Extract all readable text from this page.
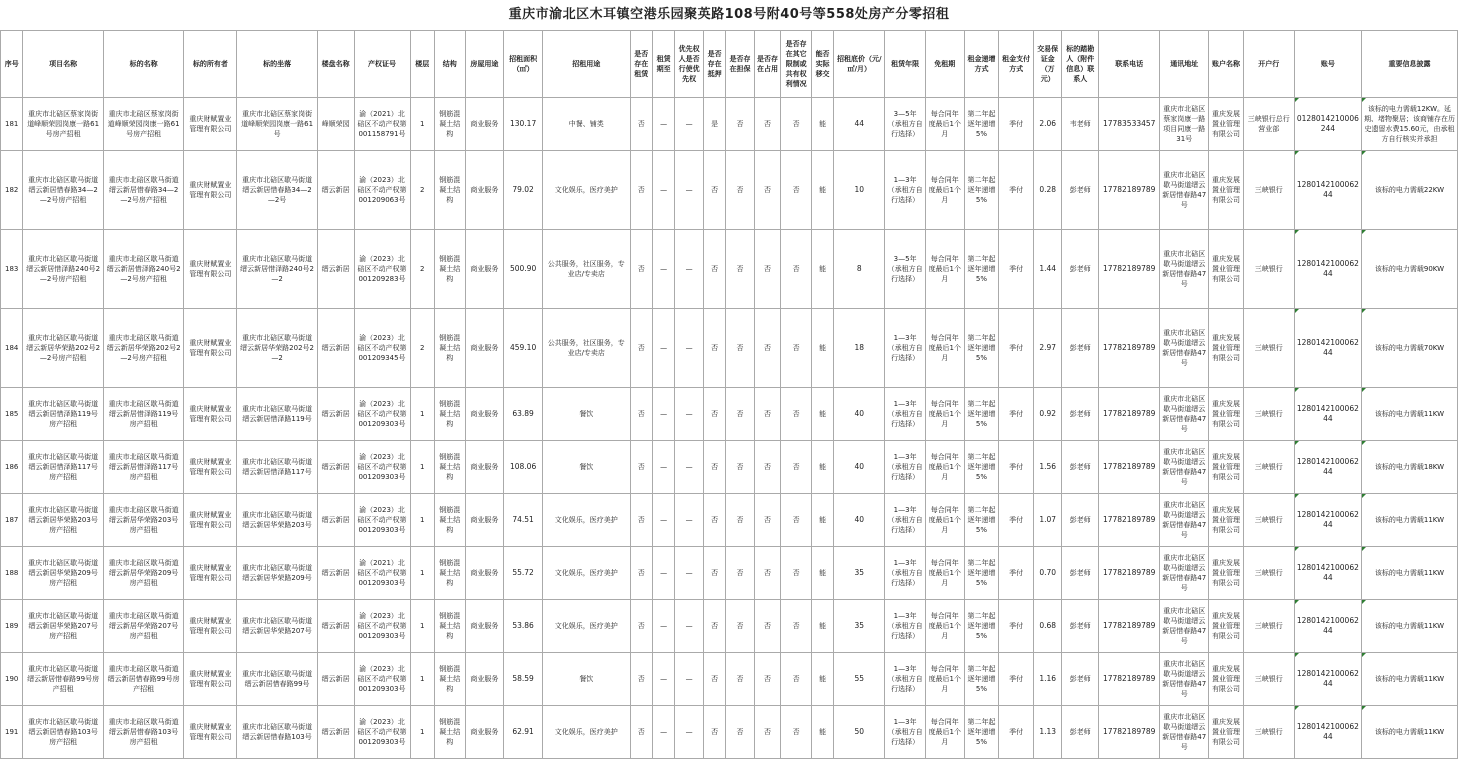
重庆市渝北区木耳镇空港乐园聚英路108号附40号等558处房产分零招租
序号	项目名称	标的名称	标的所有者	标的坐落	楼盘名称	产权证号	楼层	结构	房屋用途	招租面积（㎡）	招租用途	是否存在租赁	租赁期至	优先权人是否行使优先权	是否存在抵押	是否存在担保	是否存在占用	是否存在其它限制或共有权利情况	能否实际移交	招租底价（元/㎡/月）	租赁年限	免租期	租金递增方式	租金支付方式	交易保证金（万元）	标的踏勘人（附件信息）联系人	联系电话	通讯地址	账户名称	开户行	账号	重要信息披露
181	重庆市北碚区蔡家岗街道峰顺荣园岗康一路61号房产招租	重庆市北碚区蔡家岗街道峰顺荣园岗康一路61号房产招租	重庆财赋置业管理有限公司	重庆市北碚区蔡家岗街道峰顺荣园岗康一路61号	峰顺荣园	渝（2021）北碚区不动产权第001158791号	1	钢筋混凝土结构	商业服务	130.17	中餐、铺类	否	—	—	是	否	否	否	能	44	3—5年（承租方自行选择）	每合同年度最后1个月	第二年起逐年递增5%	季付	2.06	韦老师	17783533457	重庆市北碚区蔡家岗康一路项目同康一路31号	重庆发展置业管理有限公司	三峡银行总行营业部	0128014210006244	该标的电力需载12KW。延期、堵物聚居；该商铺存在历史遗留水费15.60元，由承租方自行核实并承担
182	重庆市北碚区歇马街道缙云新居惜春路34—2—2号房产招租	重庆市北碚区歇马街道缙云新居惜春路34—2—2号房产招租	重庆财赋置业管理有限公司	重庆市北碚区歇马街道缙云新居惜春路34—2—2号	缙云新居	渝（2023）北碚区不动产权第001209063号	2	钢筋混凝土结构	商业服务	79.02	文化娱乐，医疗美护	否	—	—	否	否	否	否	能	10	1—3年（承租方自行选择）	每合同年度最后1个月	第二年起逐年递增5%	季付	0.28	彭老师	17782189789	重庆市北碚区歇马街道缙云新居惜春路47号	重庆发展置业管理有限公司	三峡银行	128014210006244	该标的电力需载22KW
183	重庆市北碚区歇马街道缙云新居惜泽路240号2—2号房产招租	重庆市北碚区歇马街道缙云新居惜泽路240号2—2号房产招租	重庆财赋置业管理有限公司	重庆市北碚区歇马街道缙云新居惜泽路240号2—2	缙云新居	渝（2023）北碚区不动产权第001209283号	2	钢筋混凝土结构	商业服务	500.90	公共服务，社区服务，专业店/专卖店	否	—	—	否	否	否	否	能	8	3—5年（承租方自行选择）	每合同年度最后1个月	第二年起逐年递增5%	季付	1.44	彭老师	17782189789	重庆市北碚区歇马街道缙云新居惜春路47号	重庆发展置业管理有限公司	三峡银行	128014210006244	该标的电力需载90KW
184	重庆市北碚区歇马街道缙云新居华荣路202号2—2号房产招租	重庆市北碚区歇马街道缙云新居华荣路202号2—2号房产招租	重庆财赋置业管理有限公司	重庆市北碚区歇马街道缙云新居华荣路202号2—2	缙云新居	渝（2023）北碚区不动产权第001209345号	2	钢筋混凝土结构	商业服务	459.10	公共服务，社区服务，专业店/专卖店	否	—	—	否	否	否	否	能	18	1—3年（承租方自行选择）	每合同年度最后1个月	第二年起逐年递增5%	季付	2.97	彭老师	17782189789	重庆市北碚区歇马街道缙云新居惜春路47号	重庆发展置业管理有限公司	三峡银行	128014210006244	该标的电力需载70KW
185	重庆市北碚区歇马街道缙云新居惜泽路119号房产招租	重庆市北碚区歇马街道缙云新居惜泽路119号房产招租	重庆财赋置业管理有限公司	重庆市北碚区歇马街道缙云新居惜泽路119号	缙云新居	渝（2023）北碚区不动产权第001209303号	1	钢筋混凝土结构	商业服务	63.89	餐饮	否	—	—	否	否	否	否	能	40	1—3年（承租方自行选择）	每合同年度最后1个月	第二年起逐年递增5%	季付	0.92	彭老师	17782189789	重庆市北碚区歇马街道缙云新居惜春路47号	重庆发展置业管理有限公司	三峡银行	128014210006244	该标的电力需载11KW
186	重庆市北碚区歇马街道缙云新居惜泽路117号房产招租	重庆市北碚区歇马街道缙云新居惜泽路117号房产招租	重庆财赋置业管理有限公司	重庆市北碚区歇马街道缙云新居惜泽路117号	缙云新居	渝（2023）北碚区不动产权第001209303号	1	钢筋混凝土结构	商业服务	108.06	餐饮	否	—	—	否	否	否	否	能	40	1—3年（承租方自行选择）	每合同年度最后1个月	第二年起逐年递增5%	季付	1.56	彭老师	17782189789	重庆市北碚区歇马街道缙云新居惜春路47号	重庆发展置业管理有限公司	三峡银行	128014210006244	该标的电力需载18KW
187	重庆市北碚区歇马街道缙云新居华荣路203号房产招租	重庆市北碚区歇马街道缙云新居华荣路203号房产招租	重庆财赋置业管理有限公司	重庆市北碚区歇马街道缙云新居华荣路203号	缙云新居	渝（2023）北碚区不动产权第001209303号	1	钢筋混凝土结构	商业服务	74.51	文化娱乐，医疗美护	否	—	—	否	否	否	否	能	40	1—3年（承租方自行选择）	每合同年度最后1个月	第二年起逐年递增5%	季付	1.07	彭老师	17782189789	重庆市北碚区歇马街道缙云新居惜春路47号	重庆发展置业管理有限公司	三峡银行	128014210006244	该标的电力需载11KW
188	重庆市北碚区歇马街道缙云新居华荣路209号房产招租	重庆市北碚区歇马街道缙云新居华荣路209号房产招租	重庆财赋置业管理有限公司	重庆市北碚区歇马街道缙云新居华荣路209号	缙云新居	渝（2021）北碚区不动产权第001209303号	1	钢筋混凝土结构	商业服务	55.72	文化娱乐，医疗美护	否	—	—	否	否	否	否	能	35	1—3年（承租方自行选择）	每合同年度最后1个月	第二年起逐年递增5%	季付	0.70	彭老师	17782189789	重庆市北碚区歇马街道缙云新居惜春路47号	重庆发展置业管理有限公司	三峡银行	128014210006244	该标的电力需载11KW
189	重庆市北碚区歇马街道缙云新居华荣路207号房产招租	重庆市北碚区歇马街道缙云新居华荣路207号房产招租	重庆财赋置业管理有限公司	重庆市北碚区歇马街道缙云新居华荣路207号	缙云新居	渝（2023）北碚区不动产权第001209303号	1	钢筋混凝土结构	商业服务	53.86	文化娱乐，医疗美护	否	—	—	否	否	否	否	能	35	1—3年（承租方自行选择）	每合同年度最后1个月	第二年起逐年递增5%	季付	0.68	彭老师	17782189789	重庆市北碚区歇马街道缙云新居惜春路47号	重庆发展置业管理有限公司	三峡银行	128014210006244	该标的电力需载11KW
190	重庆市北碚区歇马街道缙云新居惜春路99号房产招租	重庆市北碚区歇马街道缙云新居惜春路99号房产招租	重庆财赋置业管理有限公司	重庆市北碚区歇马街道缙云新居惜春路99号	缙云新居	渝（2023）北碚区不动产权第001209303号	1	钢筋混凝土结构	商业服务	58.59	餐饮	否	—	—	否	否	否	否	能	55	1—3年（承租方自行选择）	每合同年度最后1个月	第二年起逐年递增5%	季付	1.16	彭老师	17782189789	重庆市北碚区歇马街道缙云新居惜春路47号	重庆发展置业管理有限公司	三峡银行	128014210006244	该标的电力需载11KW
191	重庆市北碚区歇马街道缙云新居惜春路103号房产招租	重庆市北碚区歇马街道缙云新居惜春路103号房产招租	重庆财赋置业管理有限公司	重庆市北碚区歇马街道缙云新居惜春路103号	缙云新居	渝（2023）北碚区不动产权第001209303号	1	钢筋混凝土结构	商业服务	62.91	文化娱乐，医疗美护	否	—	—	否	否	否	否	能	50	1—3年（承租方自行选择）	每合同年度最后1个月	第二年起逐年递增5%	季付	1.13	彭老师	17782189789	重庆市北碚区歇马街道缙云新居惜春路47号	重庆发展置业管理有限公司	三峡银行	128014210006244	该标的电力需载11KW
